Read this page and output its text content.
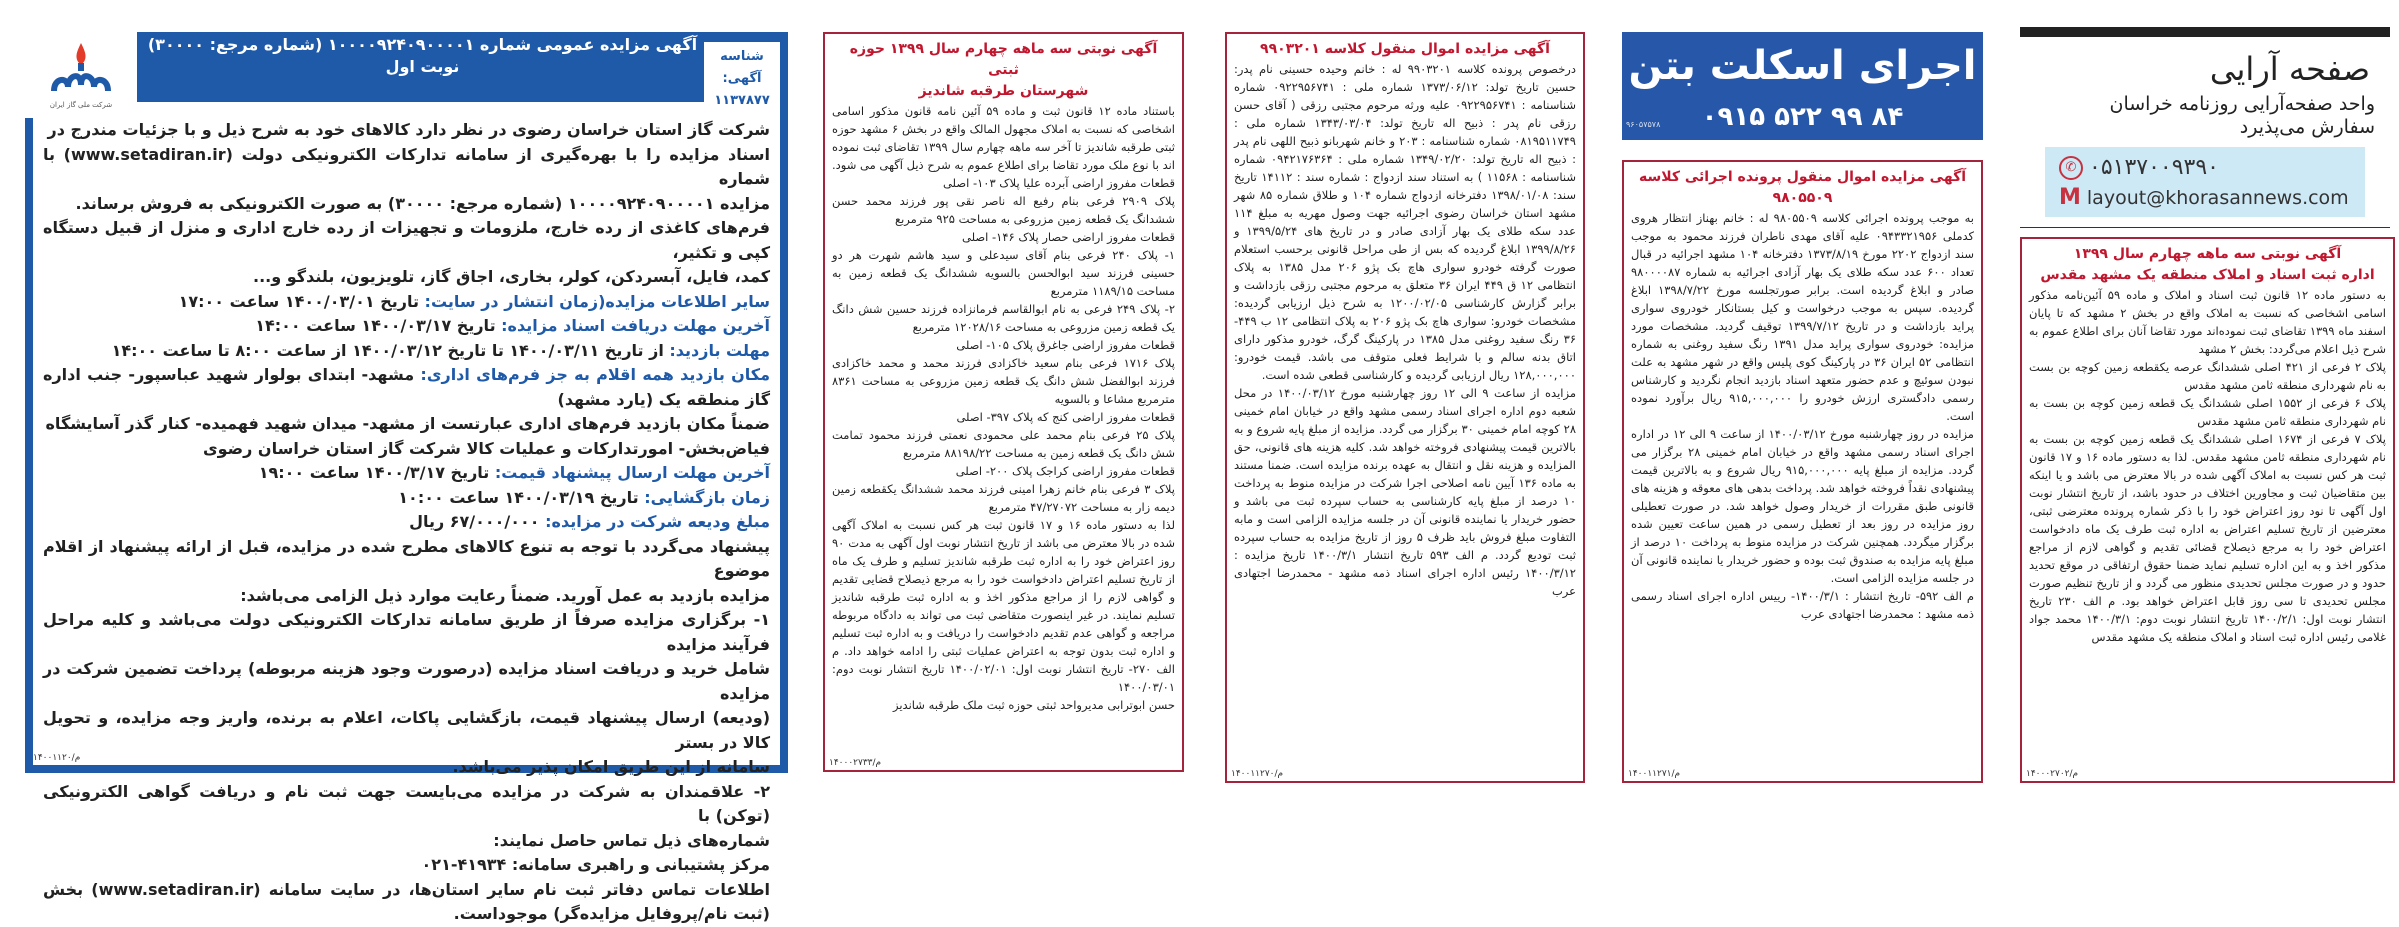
شرکت ملی گاز ایران
شناسه آگهی:
۱۱۳۷۸۷۷
آگهی مزایده عمومی شماره ۱۰۰۰۰۹۲۴۰۹۰۰۰۰۱ (شماره مرجع: ۳۰۰۰۰)
نوبت اول
شرکت گاز استان خراسان رضوی در نظر دارد کالاهای خود به شرح ذیل و با جزئیات مندرج در
اسناد مزایده را با بهره‌گیری از سامانه تدارکات الکترونیکی دولت (www.setadiran.ir) با شماره
مزایده ۱۰۰۰۰۹۲۴۰۹۰۰۰۰۱ (شماره مرجع: ۳۰۰۰۰) به صورت الکترونیکی به فروش برساند.
فرم‌های کاغذی از رده خارج، ملزومات و تجهیزات از رده خارج اداری و منزل از قبیل دستگاه کپی و تکثیر،
کمد، فایل، آبسردکن، کولر، بخاری، اجاق گاز، تلویزیون، بلندگو و...
سایر اطلاعات مزایده(زمان انتشار در سایت: تاریخ ۱۴۰۰/۰۳/۰۱ ساعت ۱۷:۰۰
آخرین مهلت دریافت اسناد مزایده: تاریخ ۱۴۰۰/۰۳/۱۷ ساعت ۱۴:۰۰
مهلت بازدید: از تاریخ ۱۴۰۰/۰۳/۱۱ تا تاریخ ۱۴۰۰/۰۳/۱۲ از ساعت ۸:۰۰ تا ساعت ۱۴:۰۰
مکان بازدید همه اقلام به جز فرم‌های اداری: مشهد- ابتدای بولوار شهید عباسپور- جنب اداره گاز منطقه یک (یارد مشهد)
ضمناً مکان بازدید فرم‌های اداری عبارتست از مشهد- میدان شهید فهمیده- کنار گذر آسایشگاه
فیاض‌بخش- امورتدارکات و عملیات کالا شرکت گاز استان خراسان رضوی
آخرین مهلت ارسال پیشنهاد قیمت: تاریخ ۱۴۰۰/۳/۱۷ ساعت ۱۹:۰۰
زمان بازگشایی: تاریخ ۱۴۰۰/۰۳/۱۹ ساعت ۱۰:۰۰
مبلغ ودیعه شرکت در مزایده: ۶۷/۰۰۰/۰۰۰ ریال
پیشنهاد می‌گردد با توجه به تنوع کالاهای مطرح شده در مزایده، قبل از ارائه پیشنهاد از اقلام موضوع
مزایده بازدید به عمل آورید. ضمناً رعایت موارد ذیل الزامی می‌باشد:
۱- برگزاری مزایده صرفاً از طریق سامانه تدارکات الکترونیکی دولت می‌باشد و کلیه مراحل فرآیند مزایده
شامل خرید و دریافت اسناد مزایده (درصورت وجود هزینه مربوطه) پرداخت تضمین شرکت در مزایده
(ودیعه) ارسال پیشنهاد قیمت، بازگشایی پاکات، اعلام به برنده، واریز وجه مزایده، و تحویل کالا در بستر
سامانه از این طریق امکان پذیر می‌باشد.
۲- علاقمندان به شرکت در مزایده می‌بایست جهت ثبت نام و دریافت گواهی الکترونیکی (توکن) با
شماره‌های ذیل تماس حاصل نمایند:
مرکز پشتیبانی و راهبری سامانه: ۴۱۹۳۴-۰۲۱
اطلاعات تماس دفاتر ثبت نام سایر استان‌ها، در سایت سامانه (www.setadiran.ir) بخش (ثبت نام/پروفایل مزایده‌گر) موجوداست.
م/۱۴۰۰۱۱۲۰
آگهی نوبتی سه ماهه چهارم سال ۱۳۹۹ حوزه ثبتی
شهرستان طرقبه شاندیز

باستناد ماده ۱۲ قانون ثبت و ماده ۵۹ آئین نامه قانون مذکور اسامی اشخاصی که نسبت به املاک مجهول المالک واقع در بخش ۶ مشهد حوزه ثبتی طرقبه شاندیز تا آخر سه ماهه چهارم سال ۱۳۹۹ تقاضای ثبت نموده اند با نوع ملک مورد تقاضا برای اطلاع عموم به شرح ذیل آگهی می شود.

قطعات مفروز اراضی آبرده علیا پلاک ۱۰۳- اصلی

پلاک ۲۹۰۹ فرعی بنام رفیع اله ناصر نقی پور فرزند محمد حسن ششدانگ یک قطعه زمین مزروعی به مساحت ۹۲۵ مترمربع

قطعات مفروز اراضی حصار پلاک ۱۴۶- اصلی

۱- پلاک ۲۴۰ فرعی بنام آقای سیدعلی و سید هاشم شهرت هر دو حسینی فرزند سید ابوالحسن بالسویه ششدانگ یک قطعه زمین به مساحت ۱۱۸۹/۱۵ مترمربع

۲- پلاک ۲۴۹ فرعی به نام ابوالقاسم فرمانزاده فرزند حسین شش دانگ یک قطعه زمین مزروعی به مساحت ۱۲۰۲۸/۱۶ مترمربع

قطعات مفروز اراضی جاغرق پلاک ۱۰۵- اصلی

پلاک ۱۷۱۶ فرعی بنام سعید خاکزادی فرزند محمد و محمد خاکزادی فرزند ابوالفضل شش دانگ یک قطعه زمین مزروعی به مساحت ۸۳۶۱ مترمربع مشاعا و بالسویه

قطعات مفروز اراضی کنج که پلاک ۳۹۷- اصلی

پلاک ۲۵ فرعی بنام محمد علی محمودی نعمتی فرزند محمود تمامت شش دانگ یک قطعه زمین به مساحت ۸۸۱۹۸/۲۲ مترمربع

قطعات مفروز اراضی کراجک پلاک ۲۰۰- اصلی

پلاک ۳ فرعی بنام خانم زهرا امینی فرزند محمد ششدانگ یکقطعه زمین دیمه زار به مساحت ۴۷/۲۷۰۷۲ مترمربع

لذا به دستور ماده ۱۶ و ۱۷ قانون ثبت هر کس نسبت به املاک آگهی شده در بالا معترض می باشد از تاریخ انتشار نوبت اول آگهی به مدت ۹۰ روز اعتراض خود را به اداره ثبت طرقبه شاندیز تسلیم و طرف یک ماه از تاریخ تسلیم اعتراض دادخواست خود را به مرجع ذیصلاح قضایی تقدیم و گواهی لازم را از مراجع مذکور اخذ و به اداره ثبت طرقبه شاندیز تسلیم نمایند. در غیر اینصورت متقاضی ثبت می تواند به دادگاه مربوطه مراجعه و گواهی عدم تقدیم دادخواست را دریافت و به اداره ثبت تسلیم و اداره ثبت بدون توجه به اعتراض عملیات ثبتی را ادامه خواهد داد. م الف ۲۷۰- تاریخ انتشار نوبت اول: ۱۴۰۰/۰۲/۰۱ تاریخ انتشار نوبت دوم: ۱۴۰۰/۰۳/۰۱

حسن ابوترابی مدیرواحد ثبتی حوزه ثبت ملک طرقبه شاندیز

م/۱۴۰۰۰۲۷۳۳
آگهی مزایده اموال منقول کلاسه ۹۹۰۳۲۰۱

درخصوص پرونده کلاسه ۹۹۰۳۲۰۱ له : خانم وحیده حسینی نام پدر: حسین تاریخ تولد: ۱۳۷۳/۰۶/۱۲ شماره ملی : ۰۹۲۲۹۵۶۷۴۱ شماره شناسنامه : ۰۹۲۲۹۵۶۷۴۱ علیه ورثه مرحوم مجتبی رزقی ( آقای حسن رزقی نام پدر : ذبیح اله تاریخ تولد: ۱۳۴۳/۰۳/۰۴ شماره ملی : ۰۸۱۹۵۱۱۷۴۹ شماره شناسنامه : ۲۰۳ و خانم شهربانو ذبیح اللهی نام پدر : ذبیح اله تاریخ تولد: ۱۳۴۹/۰۲/۲۰ شماره ملی : ۰۹۴۲۱۷۶۳۶۴ شماره شناسنامه : ۱۱۵۶۸ ) به استناد سند ازدواج : شماره سند : ۱۴۱۱۲ تاریخ سند: ۱۳۹۸/۰۱/۰۸ دفترخانه ازدواج شماره ۱۰۴ و طلاق شماره ۸۵ شهر مشهد استان خراسان رضوی اجرائیه جهت وصول مهریه به مبلغ ۱۱۴ عدد سکه طلای یک بهار آزادی صادر و در تاریخ های ۱۳۹۹/۵/۲۴ و ۱۳۹۹/۸/۲۶ ابلاغ گردیده که بس از طی مراحل قانونی برحسب استعلام صورت گرفته خودرو سواری هاچ بک پژو ۲۰۶ مدل ۱۳۸۵ به پلاک انتظامی ۱۲ ق ۴۴۹ ایران ۳۶ متعلق به مرحوم مجتبی رزقی بازداشت و برابر گزارش کارشناسی ۱۲۰۰/۰۲/۰۵ به شرح ذیل ارزیابی گردیده: مشخصات خودرو: سواری هاچ بک پژو ۲۰۶ به پلاک انتظامی ۱۲ ب ۴۴۹- ۳۶ رنگ سفید روغنی مدل ۱۳۸۵ در پارکینگ گرگ، خودرو مذکور دارای اتاق بدنه سالم و با شرایط فعلی متوقف می باشد. قیمت خودرو: ۱۲۸,۰۰۰,۰۰۰ ریال ارزیابی گردیده و کارشناسی قطعی شده است.

مزایده از ساعت ۹ الی ۱۲ روز چهارشنبه مورخ ۱۴۰۰/۰۳/۱۲ در محل شعبه دوم اداره اجرای اسناد رسمی مشهد واقع در خیابان امام خمینی ۲۸ کوچه امام خمینی ۳۰ برگزار می گردد. مزایده از مبلغ پایه شروع و به بالاترین قیمت پیشنهادی فروخته خواهد شد. کلیه هزینه های قانونی، حق المزایده و هزینه نقل و انتقال به عهده برنده مزایده است. ضمنا مستند به ماده ۱۳۶ آیین نامه اصلاحی اجرا شرکت در مزایده منوط به پرداخت ۱۰ درصد از مبلغ پایه کارشناسی به حساب سپرده ثبت می باشد و حضور خریدار یا نماینده قانونی آن در جلسه مزایده الزامی است و مابه التفاوت مبلغ فروش باید ظرف ۵ روز از تاریخ مزایده به حساب سپرده ثبت تودیع گردد. م الف ۵۹۳ تاریخ انتشار ۱۴۰۰/۳/۱ تاریخ مزایده : ۱۴۰۰/۳/۱۲ رئیس اداره اجرای اسناد ذمه مشهد - محمدرضا اجتهادی عرب

م/۱۴۰۰۱۱۲۷۰
اجرای اسکلت بتن
۰۹۱۵ ۵۲۲ ۹۹ ۸۴
۹۶۰۵۷۵۷۸
آگهی مزایده اموال منقول پرونده اجرائی کلاسه ۹۸۰۵۵۰۹

به موجب پرونده اجرائی کلاسه ۹۸۰۵۵۰۹ له : خانم بهناز انتظار هروی کدملی ۰۹۴۳۳۲۱۹۵۶ علیه آقای مهدی ناطران فرزند محمود به موجب سند ازدواج ۲۲۰۲ مورخ ۱۳۷۳/۸/۱۹ دفترخانه ۱۰۴ مشهد اجرائیه در قبال تعداد ۶۰۰ عدد سکه طلای یک بهار آزادی اجرائیه به شماره ۹۸۰۰۰۰۸۷ صادر و ابلاغ گردیده است. برابر صورتجلسه مورخ ۱۳۹۸/۷/۲۲ ابلاغ گردیده. سپس به موجب درخواست و کیل بستانکار خودروی سواری پراید بازداشت و در تاریخ ۱۳۹۹/۷/۱۲ توقیف گردید. مشخصات مورد مزایده: خودروی سواری پراید مدل ۱۳۹۱ رنگ سفید روغنی به شماره انتظامی ۵۲ ایران ۳۶ در پارکینگ کوی پلیس واقع در شهر مشهد به علت نبودن سوئیچ و عدم حضور متعهد اسناد بازدید انجام نگردید و کارشناس رسمی دادگستری ارزش خودرو را ۹۱۵,۰۰۰,۰۰۰ ریال برآورد نموده است.

مزایده در روز چهارشنبه مورخ ۱۴۰۰/۰۳/۱۲ از ساعت ۹ الی ۱۲ در اداره اجرای اسناد رسمی مشهد واقع در خیابان امام خمینی ۲۸ برگزار می گردد. مزایده از مبلغ پایه ۹۱۵,۰۰۰,۰۰۰ ریال شروع و به بالاترین قیمت پیشنهادی نقداً فروخته خواهد شد. پرداخت بدهی های معوقه و هزینه های قانونی طبق مقررات از خریدار وصول خواهد شد. در صورت تعطیلی روز مزایده در روز بعد از تعطیل رسمی در همین ساعت تعیین شده برگزار میگردد. همچنین شرکت در مزایده منوط به پرداخت ۱۰ درصد از مبلغ پایه مزایده به صندوق ثبت بوده و حضور خریدار یا نماینده قانونی آن در جلسه مزایده الزامی است.

م الف ۵۹۲- تاریخ انتشار : ۱۴۰۰/۳/۱- رییس اداره اجرای اسناد رسمی ذمه مشهد : محمدرضا اجتهادی عرب

م/۱۴۰۰۱۱۲۷۱
صفحه آرایی
واحد صفحه‌آرایی روزنامه خراسان
سفارش می‌پذیرد
✆ ۰۵۱۳۷۰۰۹۳۹۰
M layout@khorasannews.com
آگهی نوبتی سه ماهه چهارم سال ۱۳۹۹
اداره ثبت اسناد و املاک منطقه یک مشهد مقدس

به دستور ماده ۱۲ قانون ثبت اسناد و املاک و ماده ۵۹ آئین‌نامه مذکور اسامی اشخاصی که نسبت به املاک واقع در بخش ۲ مشهد که تا پایان اسفند ماه ۱۳۹۹ تقاضای ثبت نموده‌اند مورد تقاضا آنان برای اطلاع عموم به شرح ذیل اعلام می‌گردد: بخش ۲ مشهد

پلاک ۲ فرعی از ۴۲۱ اصلی ششدانگ عرصه یکقطعه زمین کوچه بن بست به نام شهرداری منطقه ثامن مشهد مقدس

پلاک ۶ فرعی از ۱۵۵۲ اصلی ششدانگ یک قطعه زمین کوچه بن بست به نام شهرداری منطقه ثامن مشهد مقدس

پلاک ۷ فرعی از ۱۶۷۴ اصلی ششدانگ یک قطعه زمین کوچه بن بست به نام شهرداری منطقه ثامن مشهد مقدس. لذا به دستور ماده ۱۶ و ۱۷ قانون ثبت هر کس نسبت به املاک آگهی شده در بالا معترض می باشد و یا اینکه بین متقاضیان ثبت و مجاورین اختلاف در حدود باشد، از تاریخ انتشار نوبت اول آگهی تا نود روز اعتراض خود را با ذکر شماره پرونده معترضی ثبتی، معترضین از تاریخ تسلیم اعتراض به اداره ثبت طرف یک ماه دادخواست اعتراض خود را به مرجع ذیصلاح قضائی تقدیم و گواهی لازم از مراجع مذکور اخذ و به این اداره تسلیم نماید ضمنا حقوق ارتفاقی در موقع تحدید حدود و در صورت مجلس تحدیدی منظور می گردد و از تاریخ تنظیم صورت مجلس تحدیدی تا سی روز قابل اعتراض خواهد بود. م الف ۲۳۰ تاریخ انتشار نوبت اول: ۱۴۰۰/۲/۱ تاریخ انتشار نوبت دوم: ۱۴۰۰/۳/۱ محمد جواد غلامی رئیس اداره ثبت اسناد و املاک منطقه یک مشهد مقدس

م/۱۴۰۰۰۲۷۰۲
